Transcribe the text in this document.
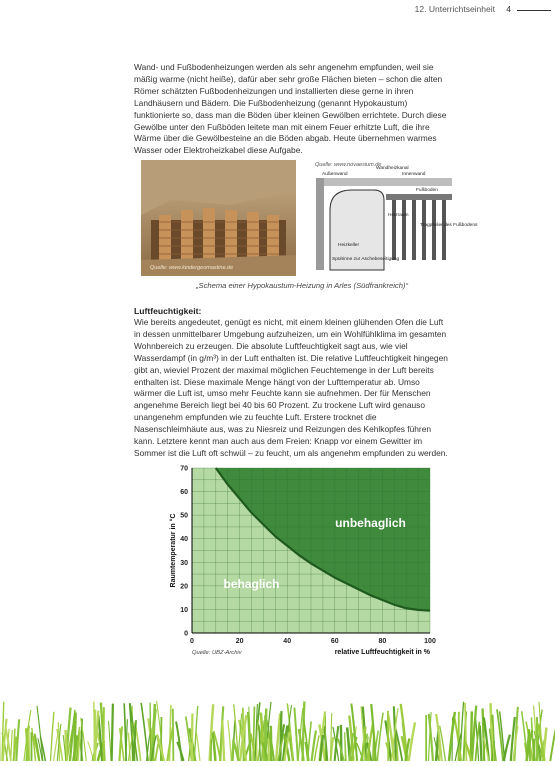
12. Unterrichtseinheit 4

Wand- und Fußbodenheizungen werden als sehr angenehm empfunden, weil sie mäßig warme (nicht heiße), dafür aber sehr große Flächen bieten – schon die alten Römer schätzten Fußbodenheizungen und installierten diese gerne in ihren Landhäusern und Bädern. Die Fußbodenheizung (genannt Hypokaustum) funktionierte so, dass man die Böden über kleinen Gewölben errichtete. Durch diese Gewölbe unter den Fußböden leitete man mit einem Feuer erhitzte Luft, die ihre Wärme über die Gewölbesteine an die Böden abgab. Heute übernehmen warmes Wasser oder Elektroheizkabel diese Aufgabe.

Quelle: www.kindergeomastine.de
Quelle: www.novaesium.de
Wandheizkanal
Außenwand	Innenwand
Fußboden
Heizraum
Tragpfeiler des Fußbodens
Heizkeller
Spülrinne zur Aschebeseitigung
„Schema einer Hypokaustum-Heizung in Arles (Südfrankreich)“

Luftfeuchtigkeit:

Wie bereits angedeutet, genügt es nicht, mit einem kleinen glühenden Ofen die Luft in dessen unmittelbarer Umgebung aufzuheizen, um ein Wohlfühlklima im gesamten Wohnbereich zu erzeugen. Die absolute Luftfeuchtigkeit sagt aus, wie viel Wasserdampf (in g/m³) in der Luft enthalten ist. Die relative Luftfeuchtigkeit hingegen gibt an, wieviel Prozent der maximal möglichen Feuchtemenge in der Luft bereits enthalten ist. Diese maximale Menge hängt von der Lufttemperatur ab. Umso wärmer die Luft ist, umso mehr Feuchte kann sie aufnehmen. Der für Menschen angenehme Bereich liegt bei 40 bis 60 Prozent. Zu trockene Luft wird genauso unangenehm empfunden wie zu feuchte Luft. Erstere trocknet die Nasenschleimhäute aus, was zu Niesreiz und Reizungen des Kehlkopfes führen kann. Letztere kennt man auch aus dem Freien: Knapp vor einem Gewitter im Sommer ist die Luft oft schwül – zu feucht, um als angenehm empfunden zu werden.

0	20	40	60	80	100
0
10
20
30
40
50
60
70
relative Luftfeuchtigkeit in %
Raumtemperatur in °C	unbehaglich
behaglich
Quelle: UBZ-Archiv
